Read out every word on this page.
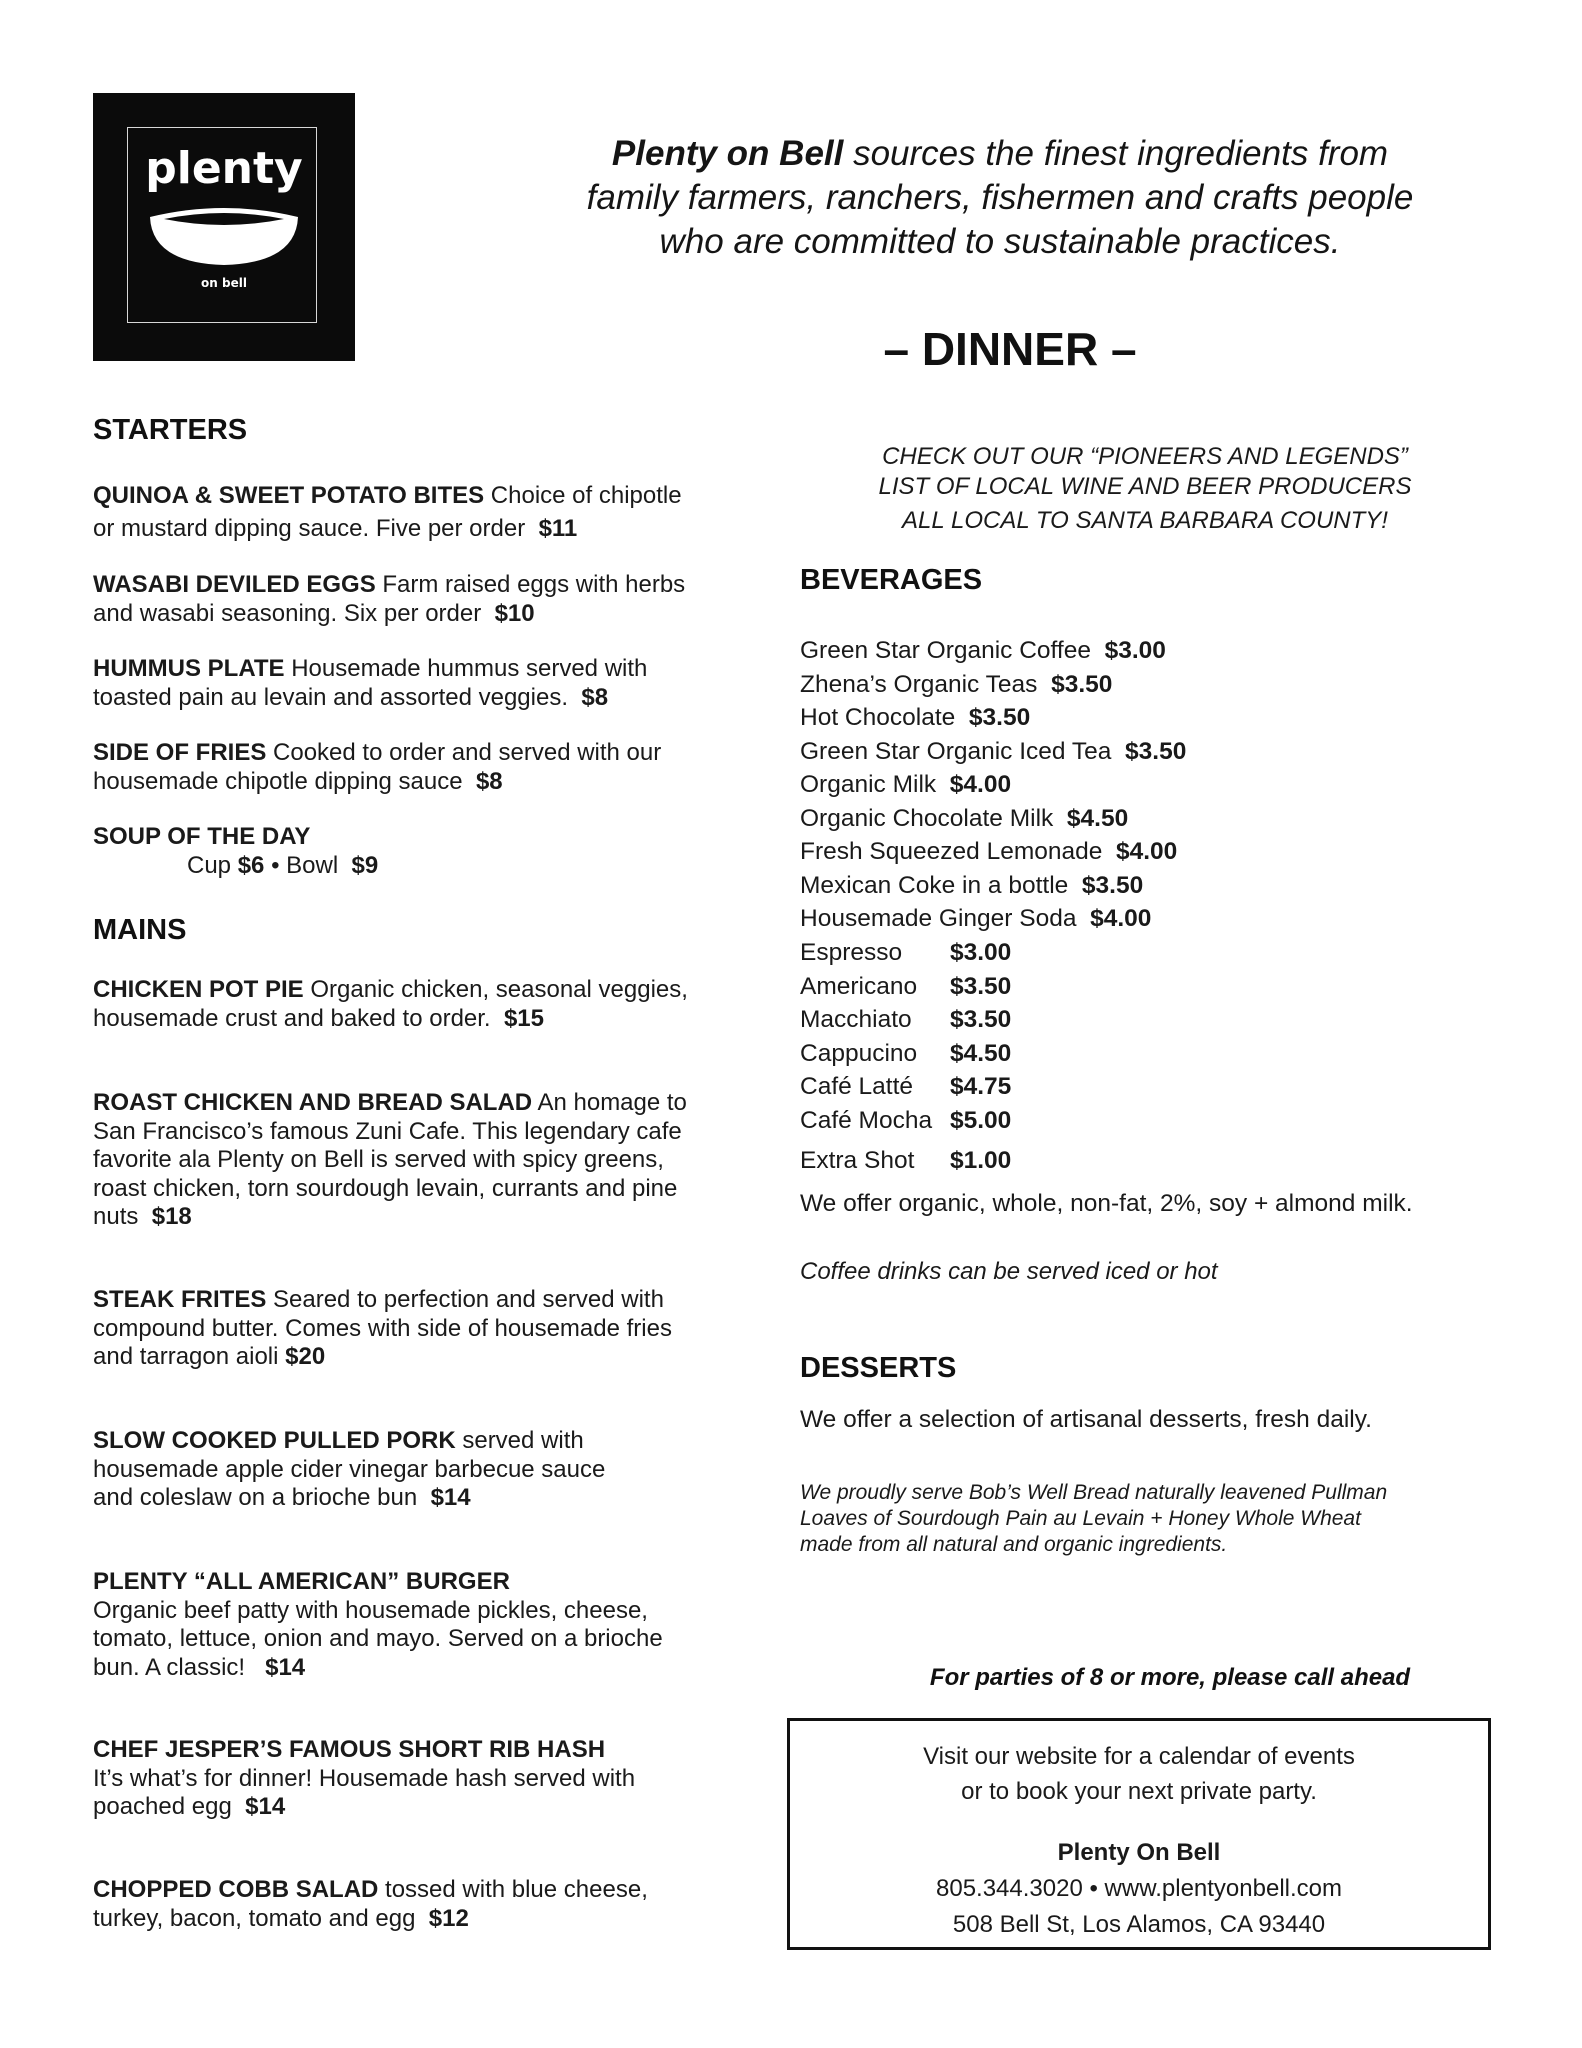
plenty
on bell
Plenty on Bell sources the finest ingredients from
family farmers, ranchers, fishermen and crafts people
who are committed to sustainable practices.
– DINNER –
STARTERS
QUINOA & SWEET POTATO BITES Choice of chipotle
or mustard dipping sauce. Five per order $11
WASABI DEVILED EGGS Farm raised eggs with herbs
and wasabi seasoning. Six per order $10
HUMMUS PLATE Housemade hummus served with
toasted pain au levain and assorted veggies. $8
SIDE OF FRIES Cooked to order and served with our
housemade chipotle dipping sauce $8
SOUP OF THE DAY
Cup $6 • Bowl  $9
MAINS
CHICKEN POT PIE Organic chicken, seasonal veggies,
housemade crust and baked to order. $15
ROAST CHICKEN AND BREAD SALAD An homage to
San Francisco’s famous Zuni Cafe. This legendary cafe
favorite ala Plenty on Bell is served with spicy greens,
roast chicken, torn sourdough levain, currants and pine
nuts $18
STEAK FRITES Seared to perfection and served with
compound butter. Comes with side of housemade fries
and tarragon aioli $20
SLOW COOKED PULLED PORK served with
housemade apple cider vinegar barbecue sauce
and coleslaw on a brioche bun $14
PLENTY “ALL AMERICAN” BURGER
Organic beef patty with housemade pickles, cheese,
tomato, lettuce, onion and mayo. Served on a brioche
bun. A classic! $14
CHEF JESPER’S FAMOUS SHORT RIB HASH
It’s what’s for dinner! Housemade hash served with
poached egg $14
CHOPPED COBB SALAD tossed with blue cheese,
turkey, bacon, tomato and egg $12
CHECK OUT OUR “PIONEERS AND LEGENDS”
LIST OF LOCAL WINE AND BEER PRODUCERS
ALL LOCAL TO SANTA BARBARA COUNTY!
BEVERAGES
Green Star Organic Coffee $3.00
Zhena’s Organic Teas $3.50
Hot Chocolate $3.50
Green Star Organic Iced Tea $3.50
Organic Milk $4.00
Organic Chocolate Milk $4.50
Fresh Squeezed Lemonade $4.00
Mexican Coke in a bottle $3.50
Housemade Ginger Soda $4.00
Espresso $3.00
Americano $3.50
Macchiato $3.50
Cappucino $4.50
Café Latté $4.75
Café Mocha $5.00
Extra Shot $1.00
We offer organic, whole, non-fat, 2%, soy + almond milk.
Coffee drinks can be served iced or hot
DESSERTS
We offer a selection of artisanal desserts, fresh daily.
We proudly serve Bob’s Well Bread naturally leavened Pullman
Loaves of Sourdough Pain au Levain + Honey Whole Wheat
made from all natural and organic ingredients.
For parties of 8 or more, please call ahead
Visit our website for a calendar of events
or to book your next private party.
Plenty On Bell
805.344.3020 • www.plentyonbell.com
508 Bell St, Los Alamos, CA 93440
